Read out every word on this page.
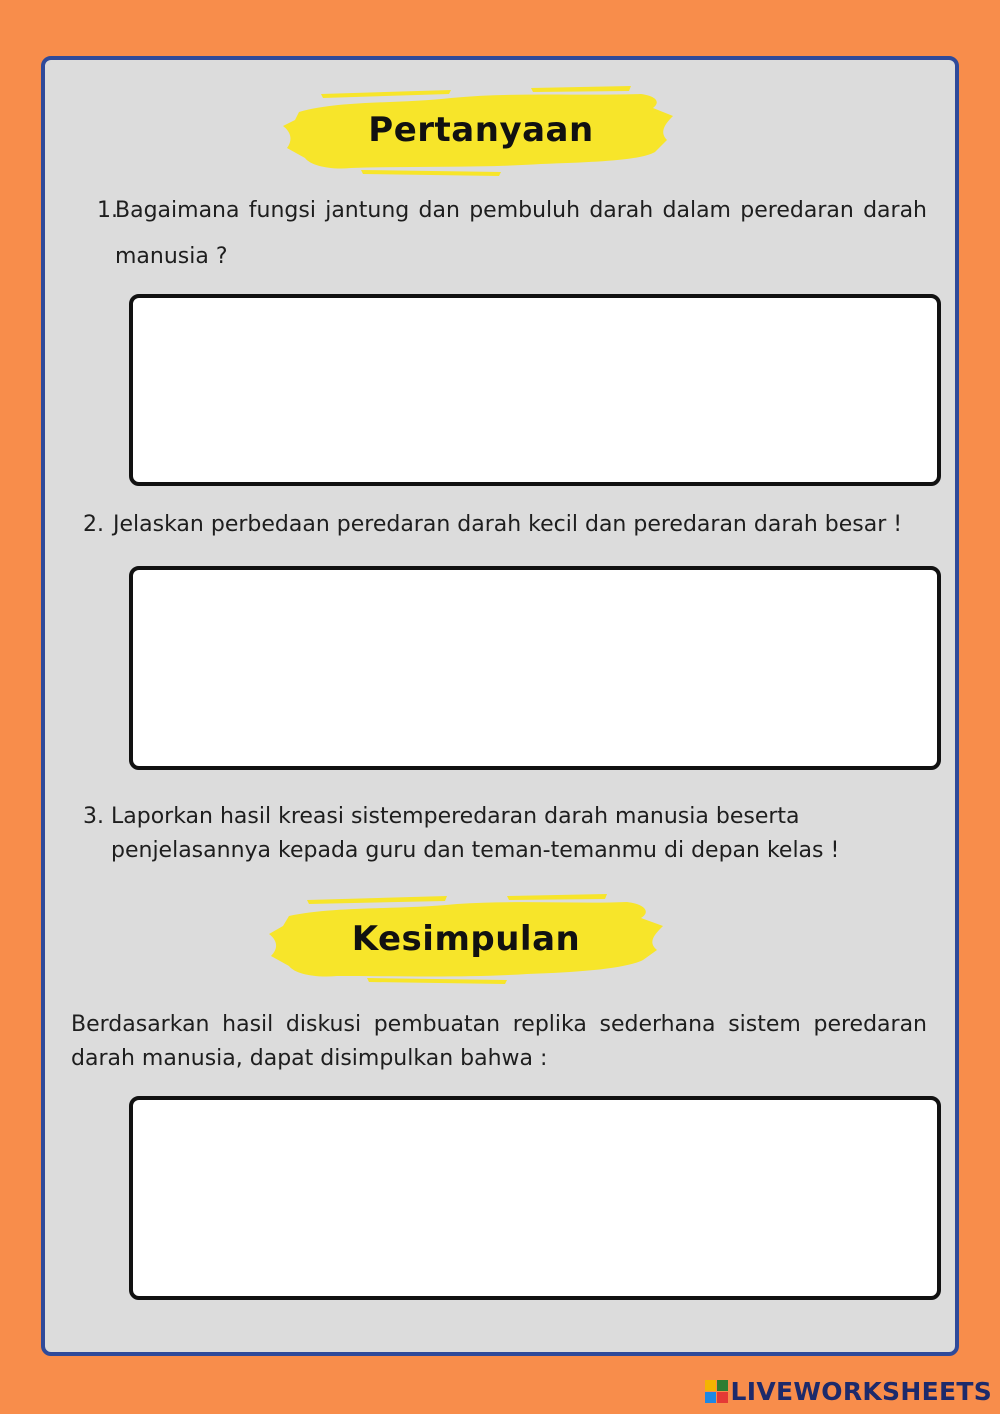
Pertanyaan
1.
Bagaimana fungsi jantung dan pembuluh darah dalam peredaran darah manusia ?
2. Jelaskan perbedaan peredaran darah kecil dan peredaran darah besar !
3. Laporkan hasil kreasi sistemperedaran darah manusia beserta
penjelasannya kepada guru dan teman-temanmu di depan kelas !
Kesimpulan
Berdasarkan hasil diskusi pembuatan replika sederhana sistem peredaran darah manusia, dapat disimpulkan bahwa :
LIVEWORKSHEETS
